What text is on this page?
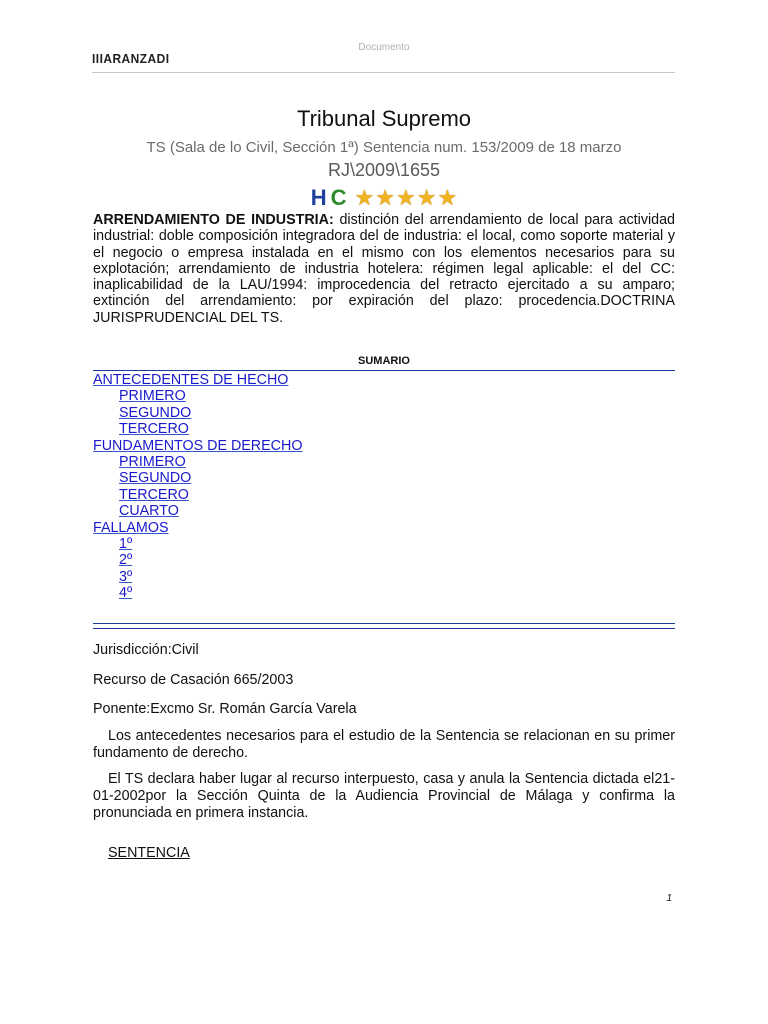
Documento
IIIARANZADI
Tribunal Supremo
TS (Sala de lo Civil, Sección 1ª) Sentencia num. 153/2009 de 18 marzo
RJ\2009\1655
H C ★ ★ ★ ★ ★
ARRENDAMIENTO DE INDUSTRIA: distinción del arrendamiento de local para actividad industrial: doble composición integradora del de industria: el local, como soporte material y el negocio o empresa instalada en el mismo con los elementos necesarios para su explotación; arrendamiento de industria hotelera: régimen legal aplicable: el del CC: inaplicabilidad de la LAU/1994: improcedencia del retracto ejercitado a su amparo; extinción del arrendamiento: por expiración del plazo: procedencia.DOCTRINA JURISPRUDENCIAL DEL TS.
SUMARIO
ANTECEDENTES DE HECHO
PRIMERO
SEGUNDO
TERCERO
FUNDAMENTOS DE DERECHO
PRIMERO
SEGUNDO
TERCERO
CUARTO
FALLAMOS
1º
2º
3º
4º
Jurisdicción:Civil
Recurso de Casación 665/2003
Ponente:Excmo Sr. Román García Varela
Los antecedentes necesarios para el estudio de la Sentencia se relacionan en su primer fundamento de derecho.
El TS declara haber lugar al recurso interpuesto, casa y anula la Sentencia dictada el21-01-2002por la Sección Quinta de la Audiencia Provincial de Málaga y confirma la pronunciada en primera instancia.
SENTENCIA
1
